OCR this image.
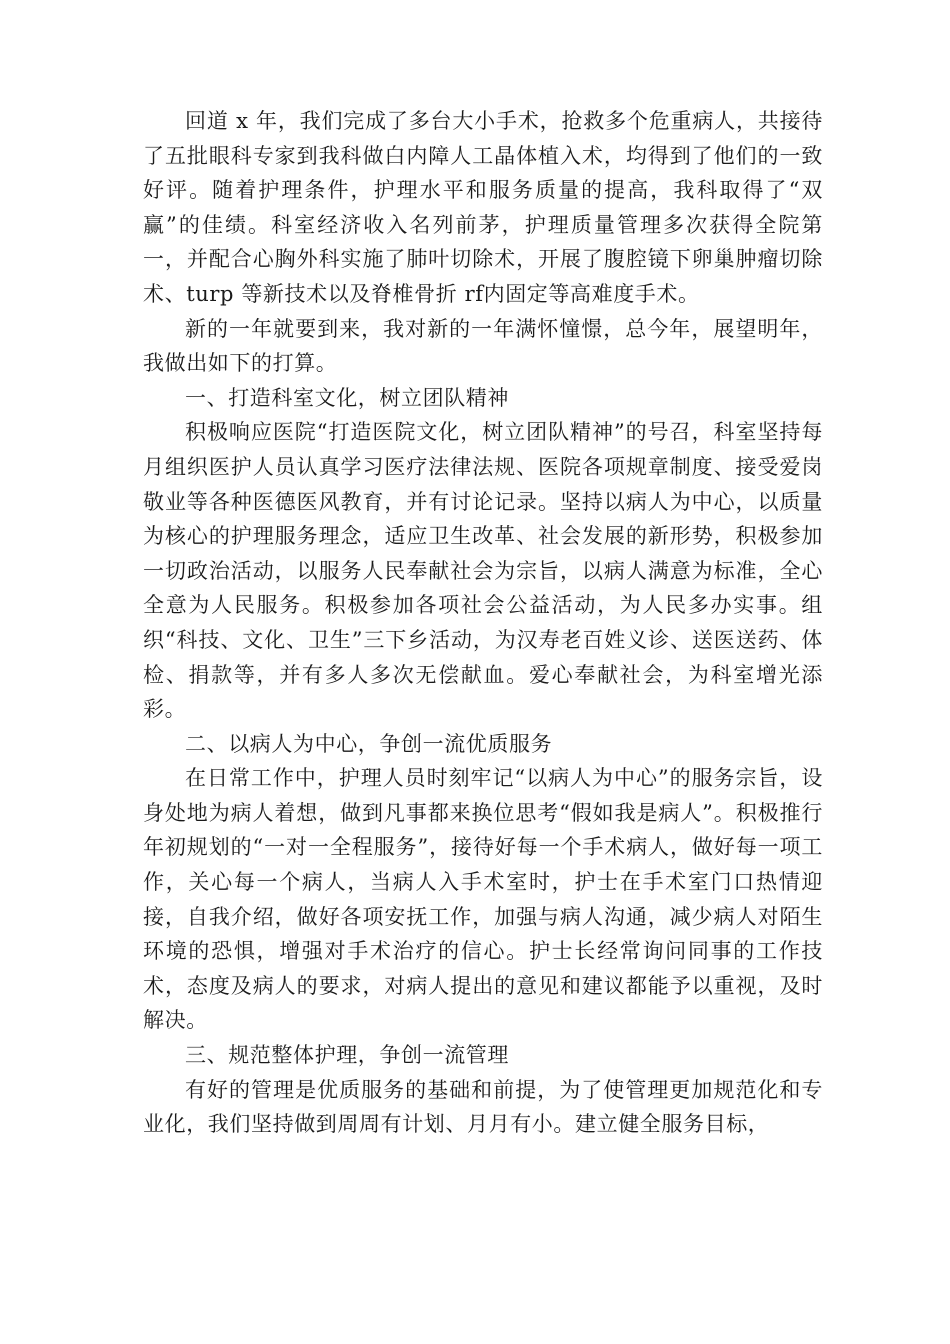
回道 x 年，我们完成了多台大小手术，抢救多个危重病人，共接待了五批眼科专家到我科做白内障人工晶体植入术，均得到了他们的一致好评。随着护理条件，护理水平和服务质量的提高，我科取得了“双赢”的佳绩。科室经济收入名列前茅，护理质量管理多次获得全院第一，并配合心胸外科实施了肺叶切除术，开展了腹腔镜下卵巢肿瘤切除术、turp 等新技术以及脊椎骨折 rf内固定等高难度手术。

新的一年就要到来，我对新的一年满怀憧憬，总今年，展望明年，我做出如下的打算。

一、打造科室文化，树立团队精神

积极响应医院“打造医院文化，树立团队精神”的号召，科室坚持每月组织医护人员认真学习医疗法律法规、医院各项规章制度、接受爱岗敬业等各种医德医风教育，并有讨论记录。坚持以病人为中心，以质量为核心的护理服务理念，适应卫生改革、社会发展的新形势，积极参加一切政治活动，以服务人民奉献社会为宗旨，以病人满意为标准，全心全意为人民服务。积极参加各项社会公益活动，为人民多办实事。组织“科技、文化、卫生”三下乡活动，为汉寿老百姓义诊、送医送药、体检、捐款等，并有多人多次无偿献血。爱心奉献社会，为科室增光添彩。

二、以病人为中心，争创一流优质服务

在日常工作中，护理人员时刻牢记“以病人为中心”的服务宗旨，设身处地为病人着想，做到凡事都来换位思考“假如我是病人”。积极推行年初规划的“一对一全程服务”，接待好每一个手术病人，做好每一项工作，关心每一个病人，当病人入手术室时，护士在手术室门口热情迎接，自我介绍，做好各项安抚工作，加强与病人沟通，减少病人对陌生环境的恐惧，增强对手术治疗的信心。护士长经常询问同事的工作技术，态度及病人的要求，对病人提出的意见和建议都能予以重视，及时解决。

三、规范整体护理，争创一流管理

有好的管理是优质服务的基础和前提，为了使管理更加规范化和专业化，我们坚持做到周周有计划、月月有小。建立健全服务目标，
